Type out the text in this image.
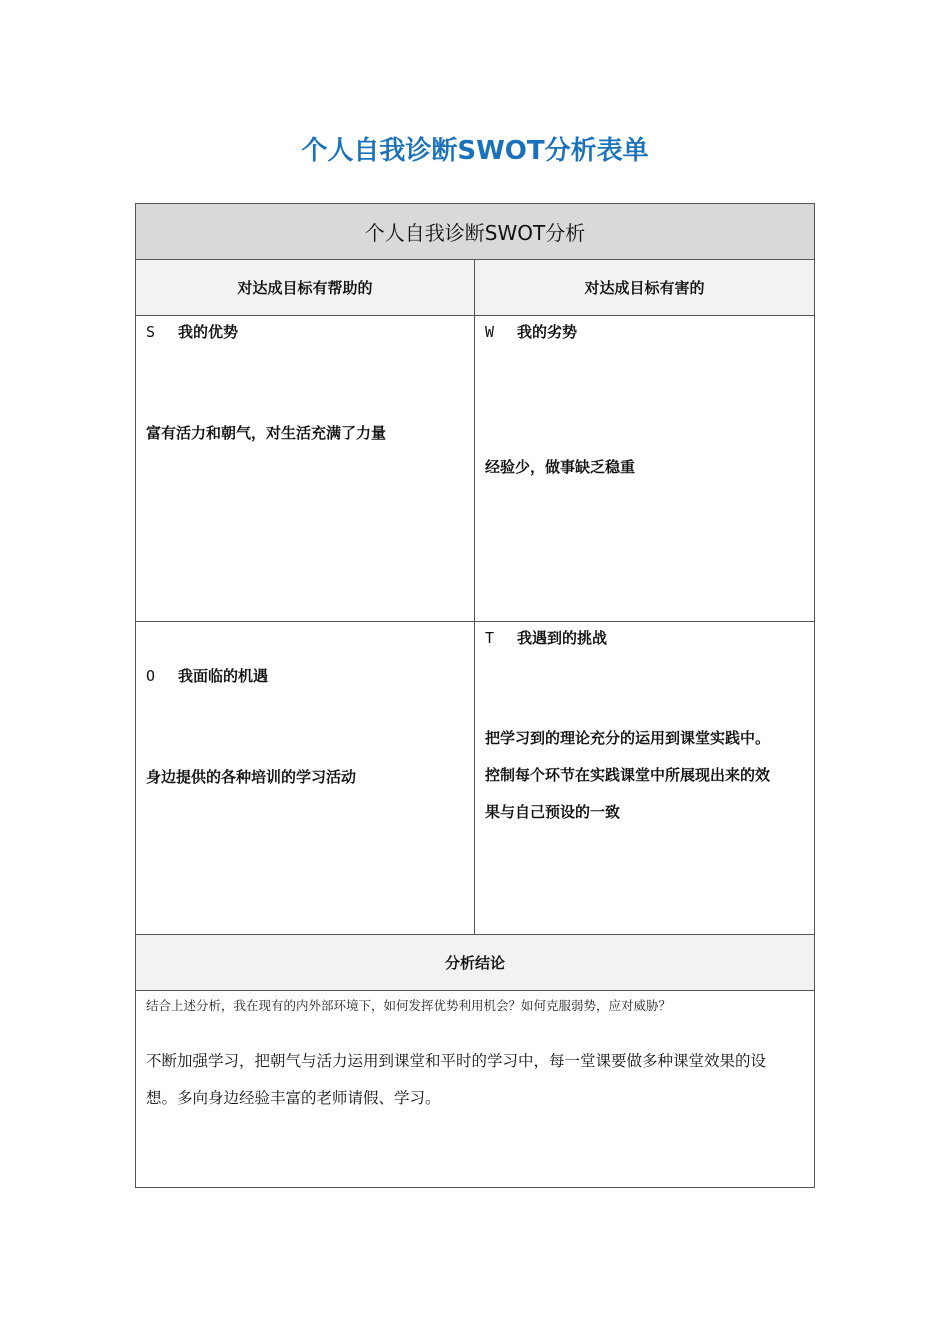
个人自我诊断SWOT分析表单
个人自我诊断SWOT分析
对达成目标有帮助的	对达成目标有害的
S 我的优势
富有活力和朝气，对生活充满了力量
W 我的劣势
经验少，做事缺乏稳重
O 我面临的机遇
身边提供的各种培训的学习活动
T 我遇到的挑战
把学习到的理论充分的运用到课堂实践中。
控制每个环节在实践课堂中所展现出来的效
果与自己预设的一致
分析结论
结合上述分析，我在现有的内外部环境下，如何发挥优势利用机会？如何克服弱势，应对威胁？
不断加强学习，把朝气与活力运用到课堂和平时的学习中，每一堂课要做多种课堂效果的设
想。多向身边经验丰富的老师请假、学习。
